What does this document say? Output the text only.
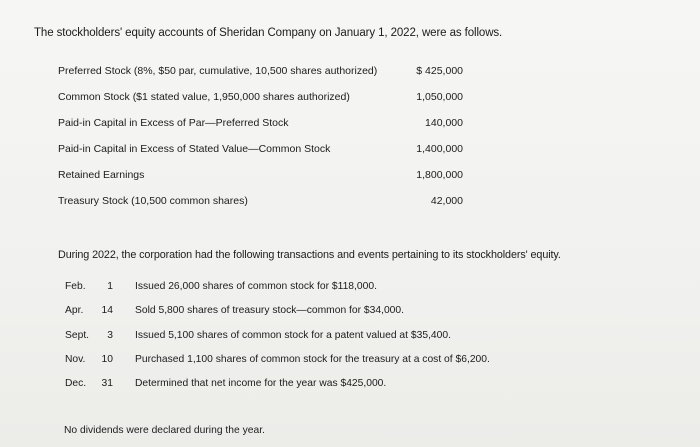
The stockholders' equity accounts of Sheridan Company on January 1, 2022, were as follows.
Preferred Stock (8%, $50 par, cumulative, 10,500 shares authorized)	$ 425,000
Common Stock ($1 stated value, 1,950,000 shares authorized)	1,050,000
Paid-in Capital in Excess of Par—Preferred Stock	140,000
Paid-in Capital in Excess of Stated Value—Common Stock	1,400,000
Retained Earnings	1,800,000
Treasury Stock (10,500 common shares)	42,000
During 2022, the corporation had the following transactions and events pertaining to its stockholders' equity.
Feb.	1 Issued 26,000 shares of common stock for $118,000.
Apr.	14 Sold 5,800 shares of treasury stock—common for $34,000.
Sept.	3 Issued 5,100 shares of common stock for a patent valued at $35,400.
Nov.	10 Purchased 1,100 shares of common stock for the treasury at a cost of $6,200.
Dec.	31 Determined that net income for the year was $425,000.
No dividends were declared during the year.
